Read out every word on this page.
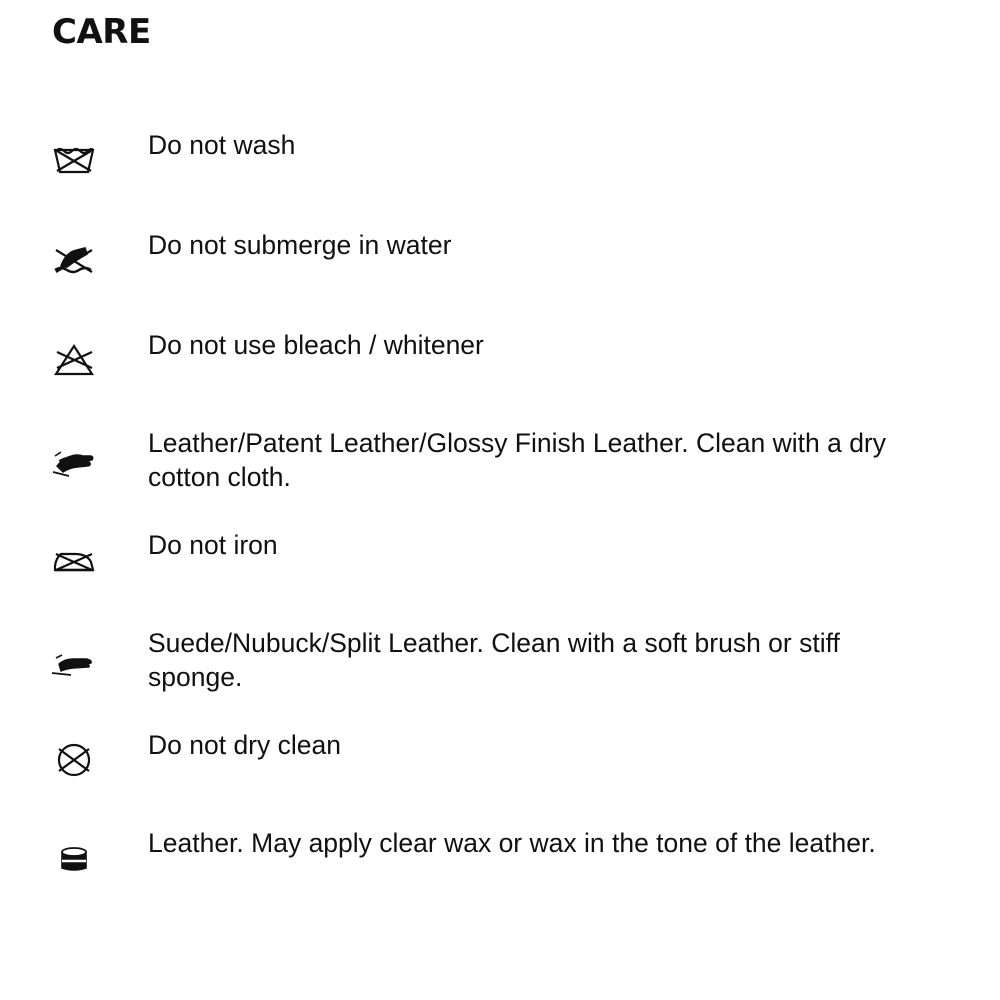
CARE
Do not wash
Do not submerge in water
Do not use bleach / whitener
Leather/Patent Leather/Glossy Finish Leather. Clean with a dry cotton cloth.
Do not iron
Suede/Nubuck/Split Leather. Clean with a soft brush or stiff sponge.
Do not dry clean
Leather. May apply clear wax or wax in the tone of the leather.
